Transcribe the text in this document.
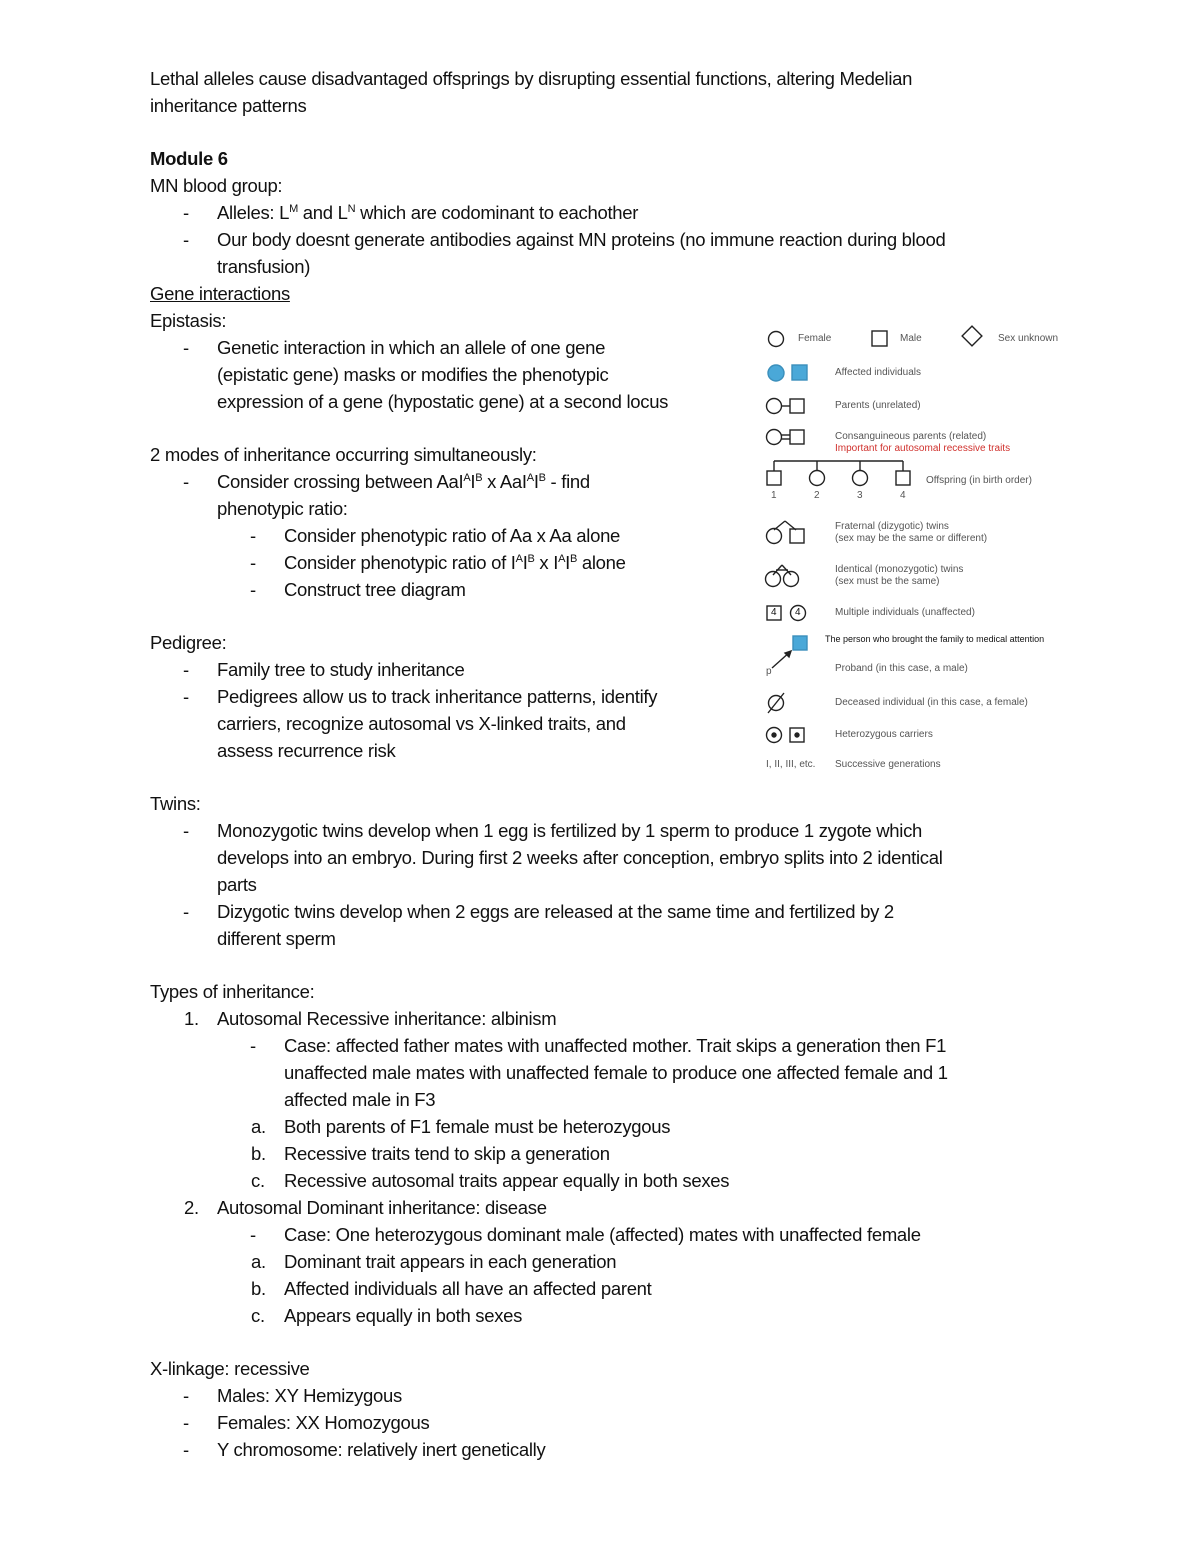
Lethal alleles cause disadvantaged offsprings by disrupting essential functions, altering Medelian
inheritance patterns
Module 6
MN blood group:
- Alleles: $L^M$ and $L^N$ which are codominant to eachother
- Our body doesnt generate antibodies against MN proteins (no immune reaction during blood
transfusion)
Gene interactions
Epistasis:
- Genetic interaction in which an allele of one gene
(epistatic gene) masks or modifies the phenotypic
expression of a gene (hypostatic gene) at a second locus
2 modes of inheritance occurring simultaneously:
- Consider crossing between $AaI^AI^B$ x $AaI^AI^B$ - find
phenotypic ratio:
- Consider phenotypic ratio of Aa x Aa alone
- Consider phenotypic ratio of $I^AI^B$ x $I^AI^B$ alone
- Construct tree diagram
Pedigree:
- Family tree to study inheritance
- Pedigrees allow us to track inheritance patterns, identify
carriers, recognize autosomal vs X-linked traits, and
assess recurrence risk
Female	Male	Sex unknown
Affected individuals
Parents (unrelated)
Consanguineous parents (related)
Important for autosomal recessive traits
Offspring (in birth order)
1	2	3	4
Fraternal (dizygotic) twins
(sex may be the same or different)
Identical (monozygotic) twins
(sex must be the same)
4 4	Multiple individuals (unaffected)
The person who brought the family to medical attention
p	Proband (in this case, a male)
Deceased individual (in this case, a female)
Heterozygous carriers
I, II, III, etc. Successive generations
Twins:
- Monozygotic twins develop when 1 egg is fertilized by 1 sperm to produce 1 zygote which
develops into an embryo. During first 2 weeks after conception, embryo splits into 2 identical
parts
- Dizygotic twins develop when 2 eggs are released at the same time and fertilized by 2
different sperm
Types of inheritance:
1. Autosomal Recessive inheritance: albinism
- Case: affected father mates with unaffected mother. Trait skips a generation then F1
unaffected male mates with unaffected female to produce one affected female and 1
affected male in F3
a. Both parents of F1 female must be heterozygous
b. Recessive traits tend to skip a generation
c. Recessive autosomal traits appear equally in both sexes
2. Autosomal Dominant inheritance: disease
- Case: One heterozygous dominant male (affected) mates with unaffected female
a. Dominant trait appears in each generation
b. Affected individuals all have an affected parent
c. Appears equally in both sexes
X-linkage: recessive
- Males: XY Hemizygous
- Females: XX Homozygous
- Y chromosome: relatively inert genetically
